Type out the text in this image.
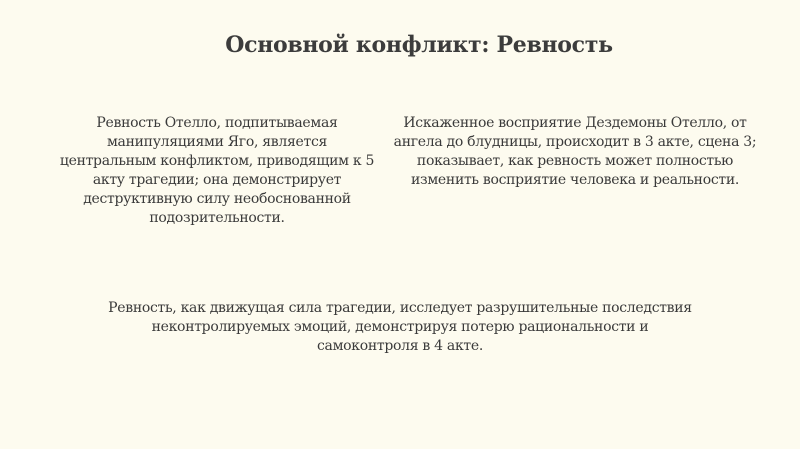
Основной конфликт: Ревность
Ревность Отелло, подпитываемая манипуляциями Яго, является центральным конфликтом, приводящим к 5 акту трагедии; она демонстрирует деструктивную силу необоснованной подозрительности.
Искаженное восприятие Дездемоны Отелло, от ангела до блудницы, происходит в 3 акте, сцена 3; показывает, как ревность может полностью изменить восприятие человека и реальности.
Ревность, как движущая сила трагедии, исследует разрушительные последствия неконтролируемых эмоций, демонстрируя потерю рациональности и самоконтроля в 4 акте.
